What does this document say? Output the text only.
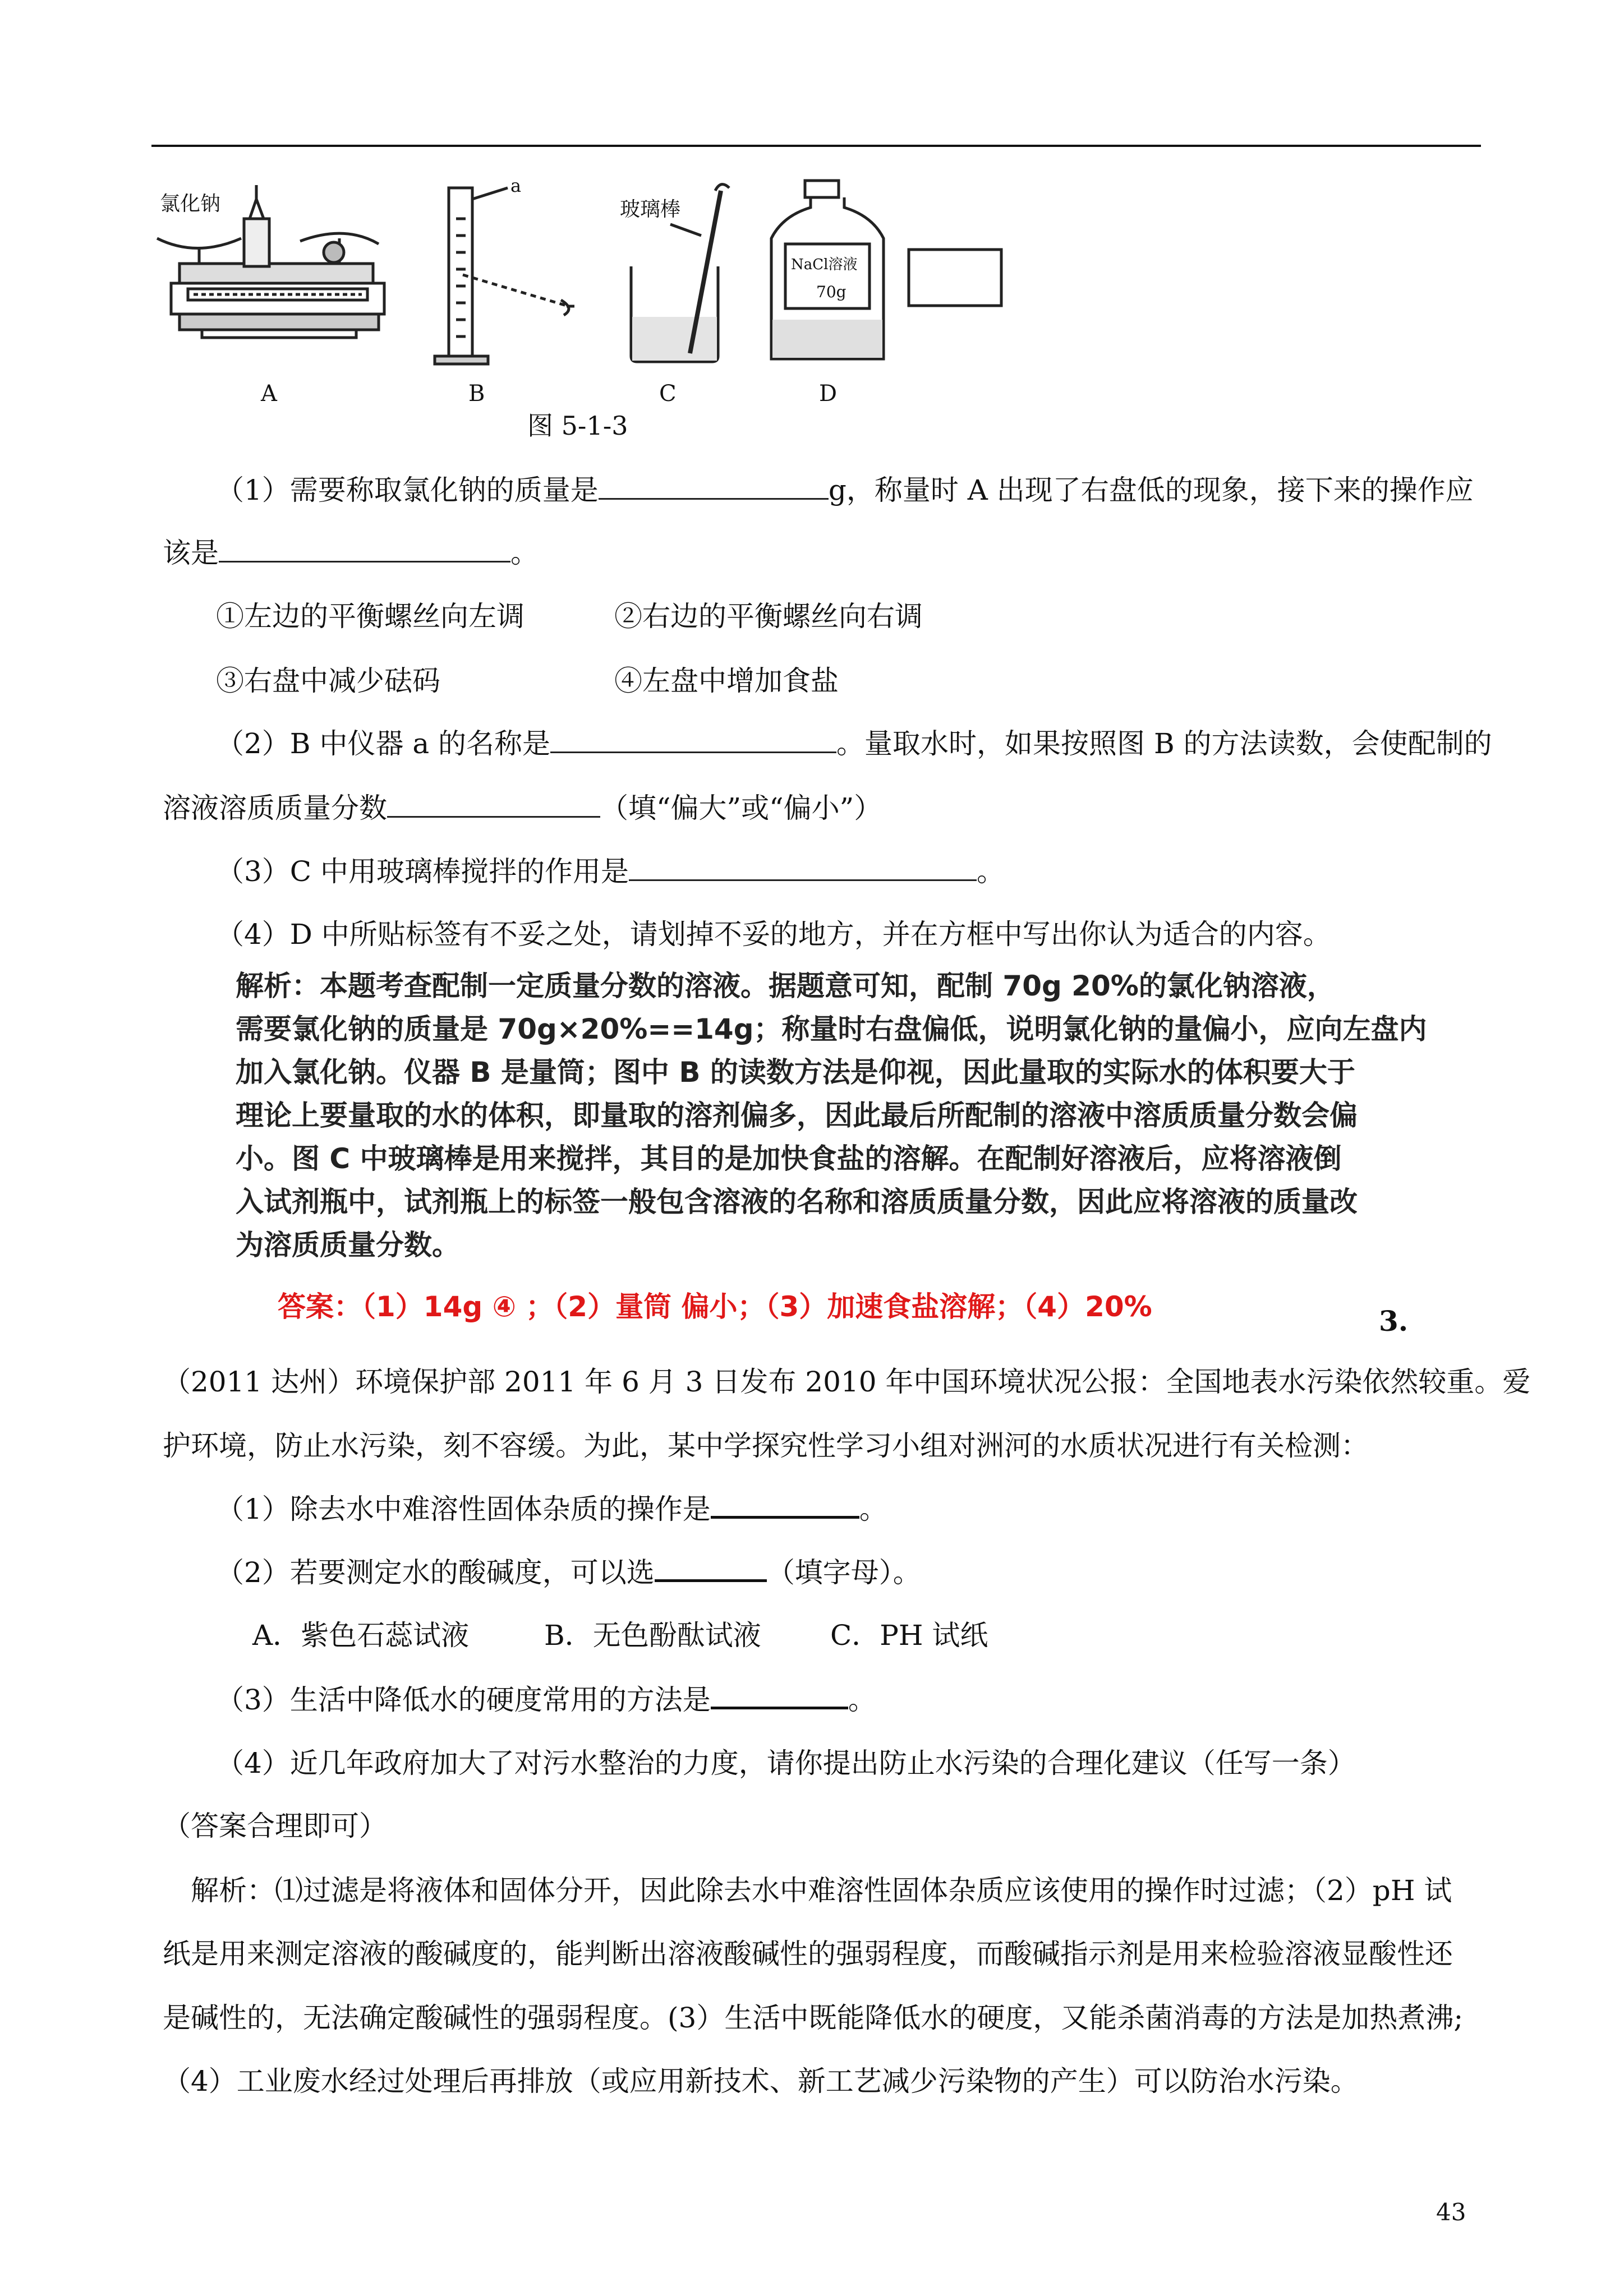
氯化钠
a
玻璃棒
NaCl溶液
70g
A	B	C	D
图 5-1-3
（1）需要称取氯化钠的质量是	g，称量时 A 出现了右盘低的现象，接下来的操作应
该是	。
①左边的平衡螺丝向左调	②右边的平衡螺丝向右调
③右盘中减少砝码	④左盘中增加食盐
（2）B 中仪器 a 的名称是	。量取水时，如果按照图 B 的方法读数，会使配制的
溶液溶质质量分数	（填“偏大”或“偏小”）
（3）C 中用玻璃棒搅拌的作用是	。
（4）D 中所贴标签有不妥之处，请划掉不妥的地方，并在方框中写出你认为适合的内容。
解析：本题考查配制一定质量分数的溶液。据题意可知，配制 70g 20%的氯化钠溶液，
需要氯化钠的质量是 70g×20%==14g；称量时右盘偏低，说明氯化钠的量偏小，应向左盘内
加入氯化钠。仪器 B 是量筒；图中 B 的读数方法是仰视，因此量取的实际水的体积要大于
理论上要量取的水的体积，即量取的溶剂偏多，因此最后所配制的溶液中溶质质量分数会偏
小。图 C 中玻璃棒是用来搅拌，其目的是加快食盐的溶解。在配制好溶液后，应将溶液倒
入试剂瓶中，试剂瓶上的标签一般包含溶液的名称和溶质质量分数，因此应将溶液的质量改
为溶质质量分数。
答案：（1）14g ④ ；（2）量筒 偏小；（3）加速食盐溶解；（4）20%	3.
（2011 达州）环境保护部 2011 年 6 月 3 日发布 2010 年中国环境状况公报：全国地表水污染依然较重。爱
护环境，防止水污染，刻不容缓。为此，某中学探究性学习小组对洲河的水质状况进行有关检测：
（1）除去水中难溶性固体杂质的操作是	。
（2）若要测定水的酸碱度，可以选	（填字母）。
A．紫色石蕊试液	B．无色酚酞试液 C．PH 试纸
（3）生活中降低水的硬度常用的方法是	。
（4）近几年政府加大了对污水整治的力度，请你提出防止水污染的合理化建议（任写一条）
（答案合理即可）
解析：⑴过滤是将液体和固体分开，因此除去水中难溶性固体杂质应该使用的操作时过滤；（2）pH 试
纸是用来测定溶液的酸碱度的，能判断出溶液酸碱性的强弱程度，而酸碱指示剂是用来检验溶液显酸性还
是碱性的，无法确定酸碱性的强弱程度。(3）生活中既能降低水的硬度，又能杀菌消毒的方法是加热煮沸;
（4）工业废水经过处理后再排放（或应用新技术、新工艺减少污染物的产生）可以防治水污染。
43
